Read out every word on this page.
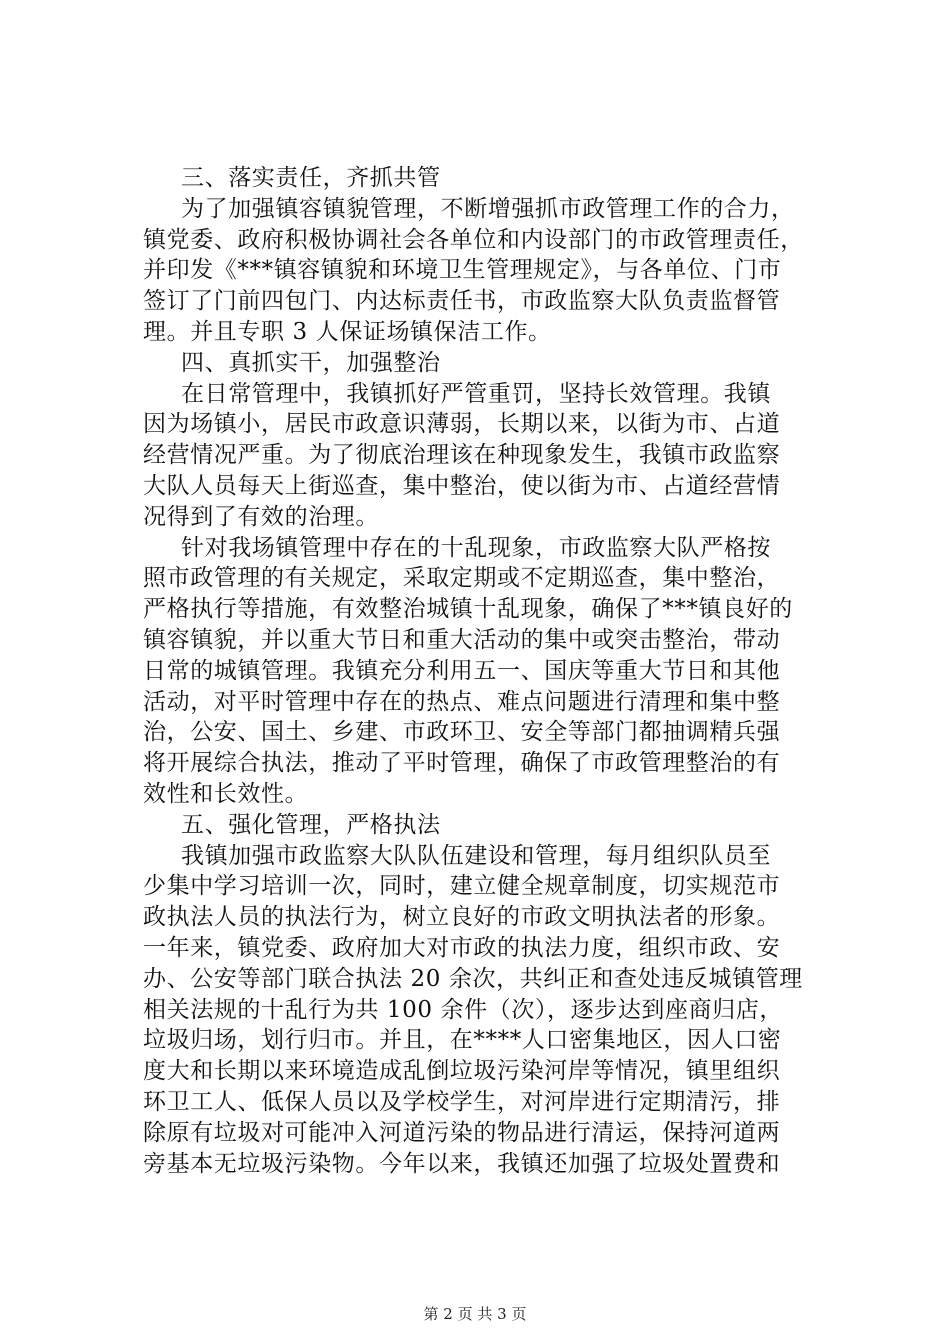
三、落实责任，齐抓共管
为了加强镇容镇貌管理，不断增强抓市政管理工作的合力，
镇党委、政府积极协调社会各单位和内设部门的市政管理责任，
并印发《***镇容镇貌和环境卫生管理规定》，与各单位、门市
签订了门前四包门、内达标责任书，市政监察大队负责监督管
理。并且专职 3 人保证场镇保洁工作。
四、真抓实干，加强整治
在日常管理中，我镇抓好严管重罚，坚持长效管理。我镇
因为场镇小，居民市政意识薄弱，长期以来，以街为市、占道
经营情况严重。为了彻底治理该在种现象发生，我镇市政监察
大队人员每天上街巡查，集中整治，使以街为市、占道经营情
况得到了有效的治理。
针对我场镇管理中存在的十乱现象，市政监察大队严格按
照市政管理的有关规定，采取定期或不定期巡查，集中整治，
严格执行等措施，有效整治城镇十乱现象，确保了***镇良好的
镇容镇貌，并以重大节日和重大活动的集中或突击整治，带动
日常的城镇管理。我镇充分利用五一、国庆等重大节日和其他
活动，对平时管理中存在的热点、难点问题进行清理和集中整
治，公安、国土、乡建、市政环卫、安全等部门都抽调精兵强
将开展综合执法，推动了平时管理，确保了市政管理整治的有
效性和长效性。
五、强化管理，严格执法
我镇加强市政监察大队队伍建设和管理，每月组织队员至
少集中学习培训一次，同时，建立健全规章制度，切实规范市
政执法人员的执法行为，树立良好的市政文明执法者的形象。
一年来，镇党委、政府加大对市政的执法力度，组织市政、安
办、公安等部门联合执法 20 余次，共纠正和查处违反城镇管理
相关法规的十乱行为共 100 余件（次），逐步达到座商归店，
垃圾归场，划行归市。并且，在****人口密集地区，因人口密
度大和长期以来环境造成乱倒垃圾污染河岸等情况，镇里组织
环卫工人、低保人员以及学校学生，对河岸进行定期清污，排
除原有垃圾对可能冲入河道污染的物品进行清运，保持河道两
旁基本无垃圾污染物。今年以来，我镇还加强了垃圾处置费和
第 2 页 共 3 页
